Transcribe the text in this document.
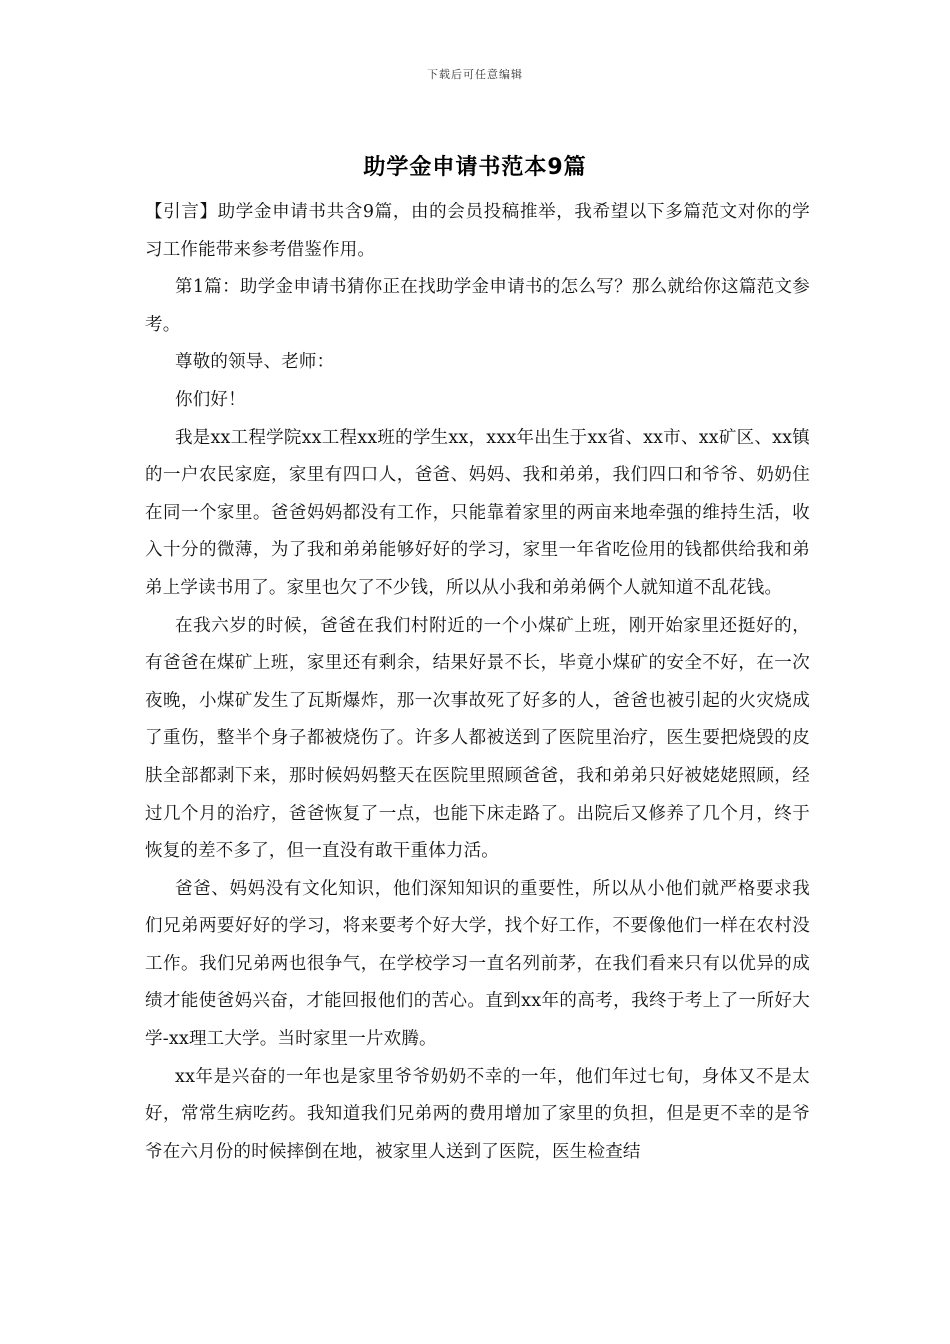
下载后可任意编辑
助学金申请书范本9篇

【引言】助学金申请书共含9篇，由的会员投稿推举，我希望以下多篇范文对你的学习工作能带来参考借鉴作用。

第1篇：助学金申请书猜你正在找助学金申请书的怎么写？那么就给你这篇范文参考。

尊敬的领导、老师：

你们好！

我是xx工程学院xx工程xx班的学生xx，xxx年出生于xx省、xx市、xx矿区、xx镇的一户农民家庭，家里有四口人，爸爸、妈妈、我和弟弟，我们四口和爷爷、奶奶住在同一个家里。爸爸妈妈都没有工作，只能靠着家里的两亩来地牵强的维持生活，收入十分的微薄，为了我和弟弟能够好好的学习，家里一年省吃俭用的钱都供给我和弟弟上学读书用了。家里也欠了不少钱，所以从小我和弟弟俩个人就知道不乱花钱。

在我六岁的时候，爸爸在我们村附近的一个小煤矿上班，刚开始家里还挺好的，有爸爸在煤矿上班，家里还有剩余，结果好景不长，毕竟小煤矿的安全不好，在一次夜晚，小煤矿发生了瓦斯爆炸，那一次事故死了好多的人，爸爸也被引起的火灾烧成了重伤，整半个身子都被烧伤了。许多人都被送到了医院里治疗，医生要把烧毁的皮肤全部都剥下来，那时候妈妈整天在医院里照顾爸爸，我和弟弟只好被姥姥照顾，经过几个月的治疗，爸爸恢复了一点，也能下床走路了。出院后又修养了几个月，终于恢复的差不多了，但一直没有敢干重体力活。

爸爸、妈妈没有文化知识，他们深知知识的重要性，所以从小他们就严格要求我们兄弟两要好好的学习，将来要考个好大学，找个好工作，不要像他们一样在农村没工作。我们兄弟两也很争气，在学校学习一直名列前茅，在我们看来只有以优异的成绩才能使爸妈兴奋，才能回报他们的苦心。直到xx年的高考，我终于考上了一所好大学-xx理工大学。当时家里一片欢腾。

xx年是兴奋的一年也是家里爷爷奶奶不幸的一年，他们年过七旬，身体又不是太好，常常生病吃药。我知道我们兄弟两的费用增加了家里的负担，但是更不幸的是爷爷在六月份的时候摔倒在地，被家里人送到了医院，医生检查结
